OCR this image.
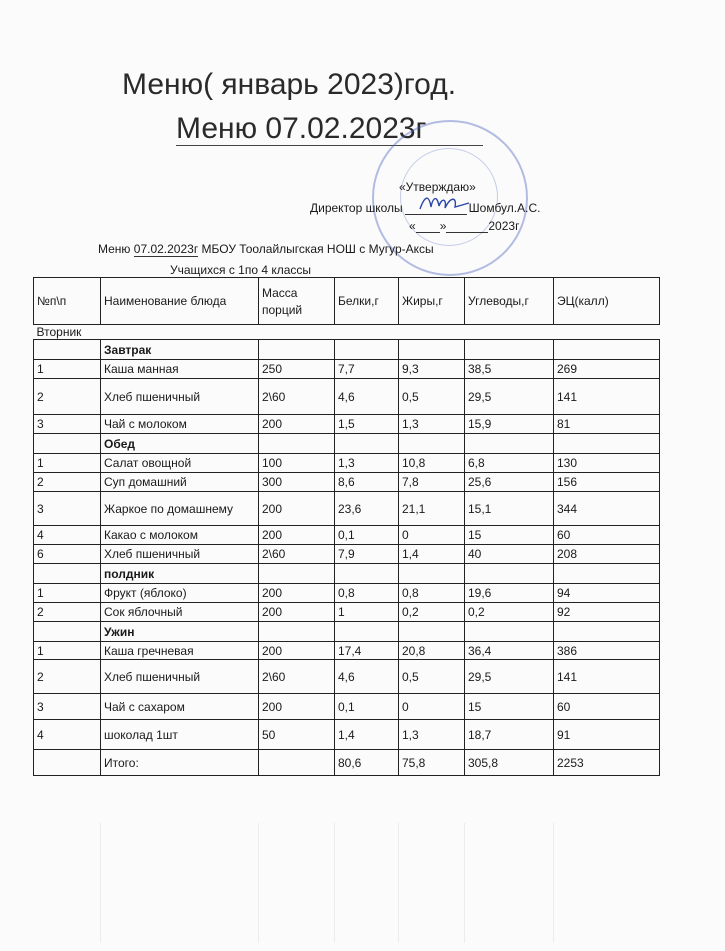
Меню( январь 2023)год.
Меню 07.02.2023г
«Утверждаю»
Директор школы	Шомбул.А.С.
« »	2023г
Меню 07.02.2023г МБОУ Тоолайлыгская НОШ с Мугур-Аксы
Учащихся с 1по 4 классы
№п\п	Наименование блюда	Масса порций	Белки,г	Жиры,г	Углеводы,г	ЭЦ(калл)
Вторник						
	Завтрак					
1	Каша манная	250	7,7	9,3	38,5	269
2	Хлеб пшеничный	2\60	4,6	0,5	29,5	141
3	Чай с молоком	200	1,5	1,3	15,9	81
	Обед					
1	Салат овощной	100	1,3	10,8	6,8	130
2	Суп домашний	300	8,6	7,8	25,6	156
3	Жаркое по домашнему	200	23,6	21,1	15,1	344
4	Какао с молоком	200	0,1	0	15	60
6	Хлеб пшеничный	2\60	7,9	1,4	40	208
	полдник					
1	Фрукт (яблоко)	200	0,8	0,8	19,6	94
2	Сок яблочный	200	1	0,2	0,2	92
	Ужин					
1	Каша гречневая	200	17,4	20,8	36,4	386
2	Хлеб пшеничный	2\60	4,6	0,5	29,5	141
3	Чай с сахаром	200	0,1	0	15	60
4	шоколад 1шт	50	1,4	1,3	18,7	91
	Итого:		80,6	75,8	305,8	2253
